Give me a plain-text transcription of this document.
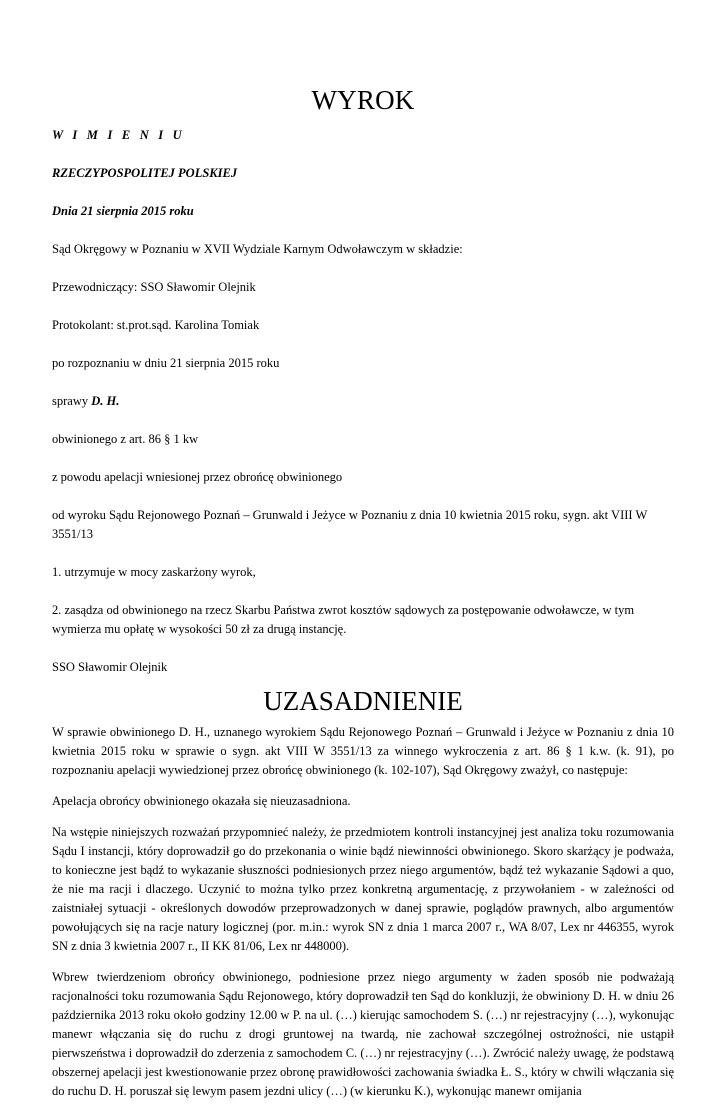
WYROK

W I M I E N I U

RZECZYPOSPOLITEJ POLSKIEJ

Dnia 21 sierpnia 2015 roku

Sąd Okręgowy w Poznaniu w XVII Wydziale Karnym Odwoławczym w składzie:

Przewodniczący: SSO Sławomir Olejnik

Protokolant: st.prot.sąd. Karolina Tomiak

po rozpoznaniu w dniu 21 sierpnia 2015 roku

sprawy D. H.

obwinionego z art. 86 § 1 kw

z powodu apelacji wniesionej przez obrońcę obwinionego

od wyroku Sądu Rejonowego Poznań – Grunwald i Jeżyce w Poznaniu z dnia 10 kwietnia 2015 roku, sygn. akt VIII W 3551/13

1. utrzymuje w mocy zaskarżony wyrok,

2. zasądza od obwinionego na rzecz Skarbu Państwa zwrot kosztów sądowych za postępowanie odwoławcze, w tym wymierza mu opłatę w wysokości 50 zł za drugą instancję.

SSO Sławomir Olejnik

UZASADNIENIE

W sprawie obwinionego D. H., uznanego wyrokiem Sądu Rejonowego Poznań – Grunwald i Jeżyce w Poznaniu z dnia 10 kwietnia 2015 roku w sprawie o sygn. akt VIII W 3551/13 za winnego wykroczenia z art. 86 § 1 k.w. (k. 91), po rozpoznaniu apelacji wywiedzionej przez obrońcę obwinionego (k. 102-107), Sąd Okręgowy zważył, co następuje:

Apelacja obrońcy obwinionego okazała się nieuzasadniona.

Na wstępie niniejszych rozważań przypomnieć należy, że przedmiotem kontroli instancyjnej jest analiza toku rozumowania Sądu I instancji, który doprowadził go do przekonania o winie bądź niewinności obwinionego. Skoro skarżący je podważa, to konieczne jest bądź to wykazanie słuszności podniesionych przez niego argumentów, bądź też wykazanie Sądowi a quo, że nie ma racji i dlaczego. Uczynić to można tylko przez konkretną argumentację, z przywołaniem - w zależności od zaistniałej sytuacji - określonych dowodów przeprowadzonych w danej sprawie, poglądów prawnych, albo argumentów powołujących się na racje natury logicznej (por. m.in.: wyrok SN z dnia 1 marca 2007 r., WA 8/07, Lex nr 446355, wyrok SN z dnia 3 kwietnia 2007 r., II KK 81/06, Lex nr 448000).

Wbrew twierdzeniom obrońcy obwinionego, podniesione przez niego argumenty w żaden sposób nie podważają racjonalności toku rozumowania Sądu Rejonowego, który doprowadził ten Sąd do konkluzji, że obwiniony D. H. w dniu 26 października 2013 roku około godziny 12.00 w P. na ul. (…) kierując samochodem S. (…) nr rejestracyjny (…), wykonując manewr włączania się do ruchu z drogi gruntowej na twardą, nie zachował szczególnej ostrożności, nie ustąpił pierwszeństwa i doprowadził do zderzenia z samochodem C. (…) nr rejestracyjny (…). Zwrócić należy uwagę, że podstawą obszernej apelacji jest kwestionowanie przez obronę prawidłowości zachowania świadka Ł. S., który w chwili włączania się do ruchu D. H. poruszał się lewym pasem jezdni ulicy (…) (w kierunku K.), wykonując manewr omijania
